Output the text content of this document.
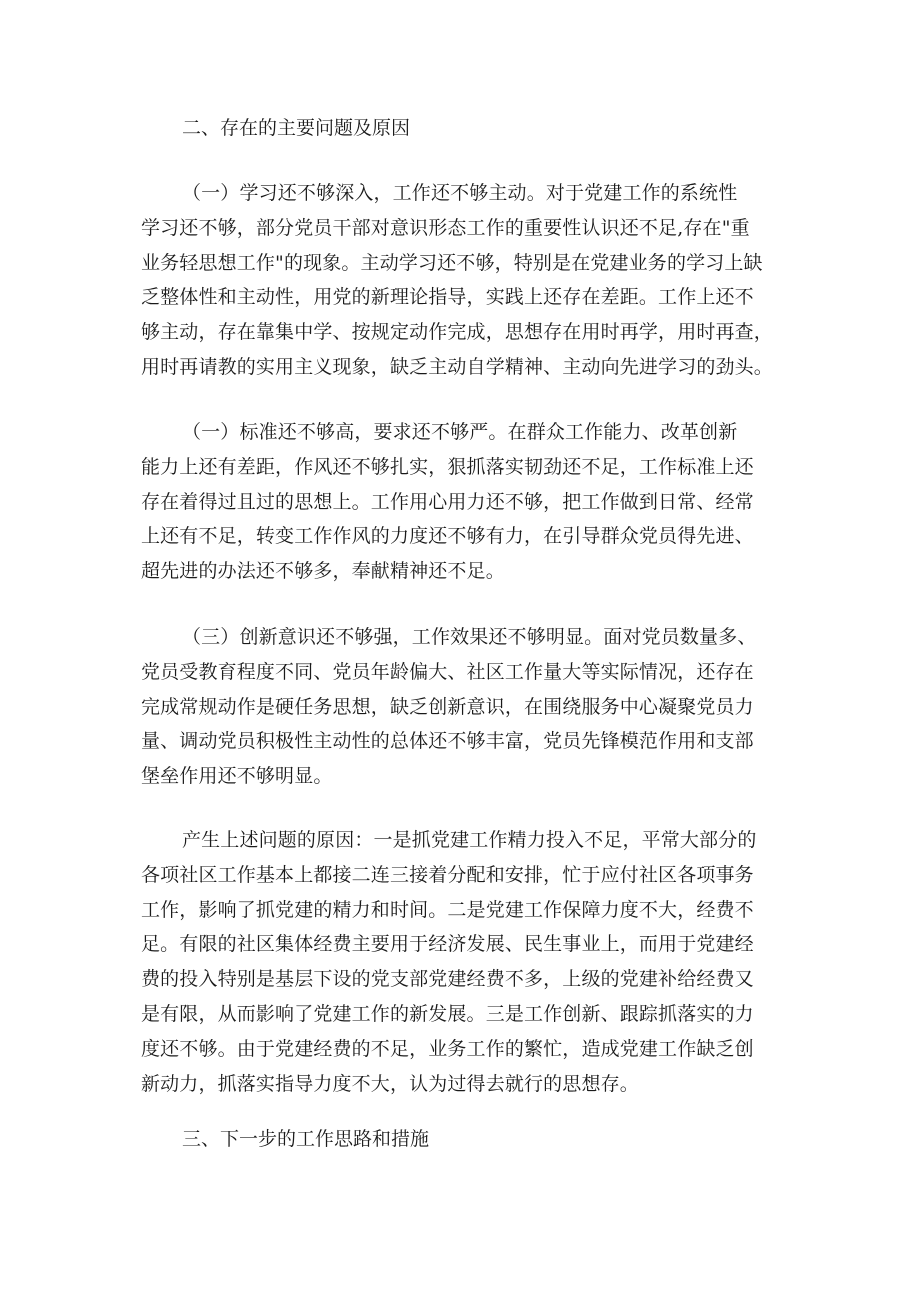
二、存在的主要问题及原因

（一）学习还不够深入，工作还不够主动。对于党建工作的系统性
学习还不够，部分党员干部对意识形态工作的重要性认识还不足,存在"重
业务轻思想工作"的现象。主动学习还不够，特别是在党建业务的学习上缺
乏整体性和主动性，用党的新理论指导，实践上还存在差距。工作上还不
够主动，存在靠集中学、按规定动作完成，思想存在用时再学，用时再查，
用时再请教的实用主义现象，缺乏主动自学精神、主动向先进学习的劲头。

（一）标准还不够高，要求还不够严。在群众工作能力、改革创新
能力上还有差距，作风还不够扎实，狠抓落实韧劲还不足，工作标准上还
存在着得过且过的思想上。工作用心用力还不够，把工作做到日常、经常
上还有不足，转变工作作风的力度还不够有力，在引导群众党员得先进、
超先进的办法还不够多，奉献精神还不足。

（三）创新意识还不够强，工作效果还不够明显。面对党员数量多、
党员受教育程度不同、党员年龄偏大、社区工作量大等实际情况，还存在
完成常规动作是硬任务思想，缺乏创新意识，在围绕服务中心凝聚党员力
量、调动党员积极性主动性的总体还不够丰富，党员先锋模范作用和支部
堡垒作用还不够明显。

产生上述问题的原因：一是抓党建工作精力投入不足，平常大部分的
各项社区工作基本上都接二连三接着分配和安排，忙于应付社区各项事务
工作，影响了抓党建的精力和时间。二是党建工作保障力度不大，经费不
足。有限的社区集体经费主要用于经济发展、民生事业上，而用于党建经
费的投入特别是基层下设的党支部党建经费不多，上级的党建补给经费又
是有限，从而影响了党建工作的新发展。三是工作创新、跟踪抓落实的力
度还不够。由于党建经费的不足，业务工作的繁忙，造成党建工作缺乏创
新动力，抓落实指导力度不大，认为过得去就行的思想存。

三、下一步的工作思路和措施
